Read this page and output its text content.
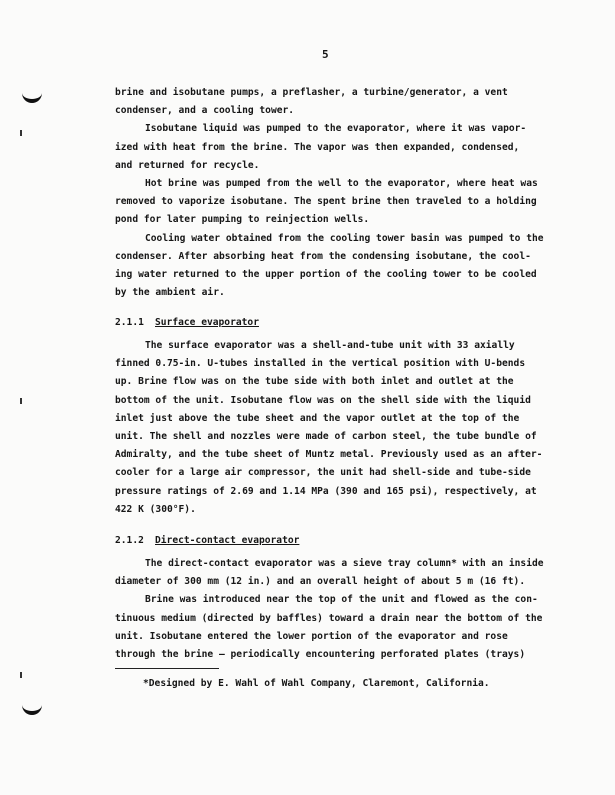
5

brine and isobutane pumps, a preflasher, a turbine/generator, a vent
condenser, and a cooling tower.

Isobutane liquid was pumped to the evaporator, where it was vapor-
ized with heat from the brine. The vapor was then expanded, condensed,
and returned for recycle.

Hot brine was pumped from the well to the evaporator, where heat was
removed to vaporize isobutane. The spent brine then traveled to a holding
pond for later pumping to reinjection wells.

Cooling water obtained from the cooling tower basin was pumped to the
condenser. After absorbing heat from the condensing isobutane, the cool-
ing water returned to the upper portion of the cooling tower to be cooled
by the ambient air.

2.1.1 Surface evaporator

The surface evaporator was a shell-and-tube unit with 33 axially
finned 0.75-in. U-tubes installed in the vertical position with U-bends
up. Brine flow was on the tube side with both inlet and outlet at the
bottom of the unit. Isobutane flow was on the shell side with the liquid
inlet just above the tube sheet and the vapor outlet at the top of the
unit. The shell and nozzles were made of carbon steel, the tube bundle of
Admiralty, and the tube sheet of Muntz metal. Previously used as an after-
cooler for a large air compressor, the unit had shell-side and tube-side
pressure ratings of 2.69 and 1.14 MPa (390 and 165 psi), respectively, at
422 K (300°F).

2.1.2 Direct-contact evaporator

The direct-contact evaporator was a sieve tray column* with an inside
diameter of 300 mm (12 in.) and an overall height of about 5 m (16 ft).

Brine was introduced near the top of the unit and flowed as the con-
tinuous medium (directed by baffles) toward a drain near the bottom of the
unit. Isobutane entered the lower portion of the evaporator and rose
through the brine — periodically encountering perforated plates (trays)

*Designed by E. Wahl of Wahl Company, Claremont, California.
